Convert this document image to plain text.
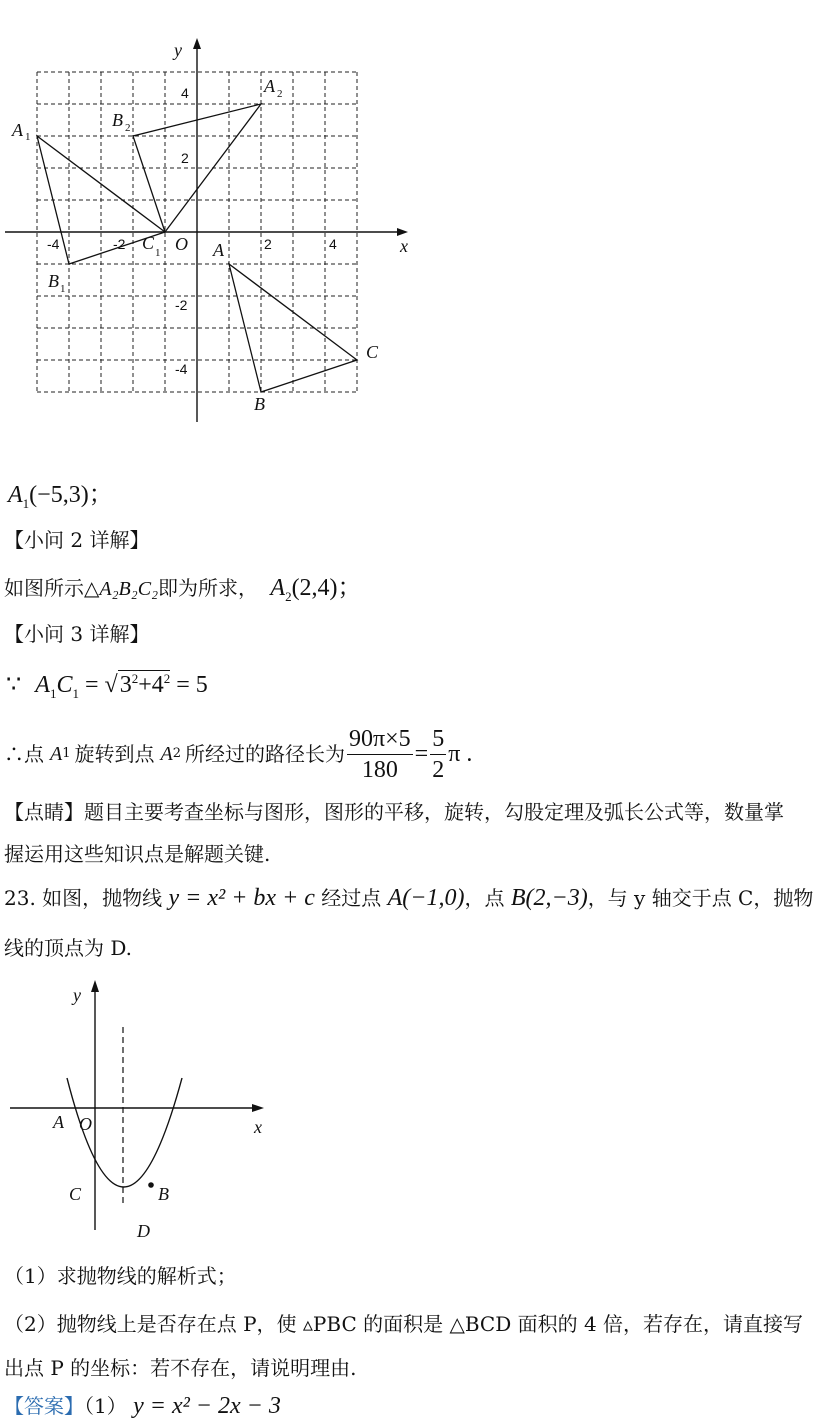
-4	-2	2	4
4
2
-2
-4
x
y
O A
B
C
A 1
B 1
C 1
A 2
B 2
$A_1(-5,3)$；
【小问 2 详解】
如图所示△A₂B₂C₂即为所求， $A_2(2,4)$；
【小问 3 详解】
∵ $A_1C_1 = √3^2+4^2 = 5$
∴点 A 1 旋转到点 A 2 所经过的路径长为 $\frac{90\pi\times 5}{180} = \frac{5}{2}$ π .
【点睛】题目主要考查坐标与图形，图形的平移，旋转，勾股定理及弧长公式等，数量掌
握运用这些知识点是解题关键.
23. 如图，抛物线 y = x² + bx + c 经过点 A(−1,0)，点 B(2,−3)，与 y 轴交于点 C，抛物
线的顶点为 D.
y
x
A O
C	B
D
（1）求抛物线的解析式；
（2）抛物线上是否存在点 P，使 ▵PBC 的面积是 △BCD 面积的 4 倍，若存在，请直接写
出点 P 的坐标：若不存在，请说明理由.
【答案】（1） y = x² − 2x − 3
